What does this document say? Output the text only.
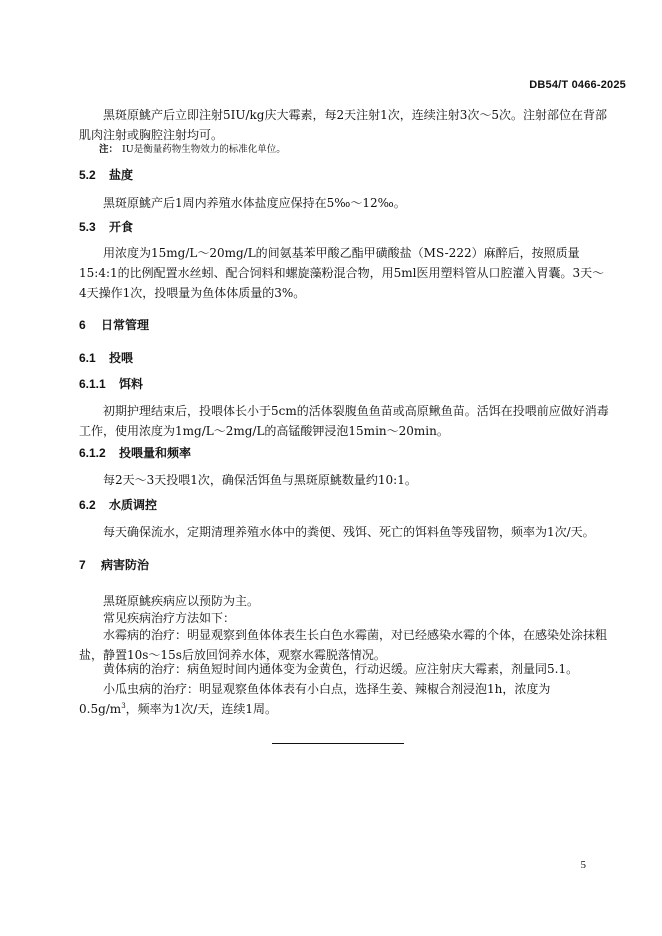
DB54/T 0466-2025
黑斑原鮡产后立即注射5IU/kg庆大霉素，每2天注射1次，连续注射3次～5次。注射部位在背部肌肉注射或胸腔注射均可。
注： IU是衡量药物生物效力的标准化单位。
5.2 盐度
黑斑原鮡产后1周内养殖水体盐度应保持在5‰～12‰。
5.3 开食
用浓度为15mg/L～20mg/L的间氨基苯甲酸乙酯甲磺酸盐（MS-222）麻醉后，按照质量15:4:1的比例配置水丝蚓、配合饲料和螺旋藻粉混合物，用5ml医用塑料管从口腔灌入胃囊。3天～4天操作1次，投喂量为鱼体体质量的3%。
6 日常管理
6.1 投喂
6.1.1 饵料
初期护理结束后，投喂体长小于5cm的活体裂腹鱼鱼苗或高原鳅鱼苗。活饵在投喂前应做好消毒工作，使用浓度为1mg/L～2mg/L的高锰酸钾浸泡15min～20min。
6.1.2 投喂量和频率
每2天～3天投喂1次，确保活饵鱼与黑斑原鮡数量约10:1。
6.2 水质调控
每天确保流水，定期清理养殖水体中的粪便、残饵、死亡的饵料鱼等残留物，频率为1次/天。
7 病害防治
黑斑原鮡疾病应以预防为主。
常见疾病治疗方法如下：
水霉病的治疗：明显观察到鱼体体表生长白色水霉菌，对已经感染水霉的个体，在感染处涂抹粗盐，静置10s～15s后放回饲养水体，观察水霉脱落情况。
黄体病的治疗：病鱼短时间内通体变为金黄色，行动迟缓。应注射庆大霉素，剂量同5.1。
小瓜虫病的治疗：明显观察鱼体体表有小白点，选择生姜、辣椒合剂浸泡1h，浓度为$0.5g/m^3$，频率为1次/天，连续1周。
5
